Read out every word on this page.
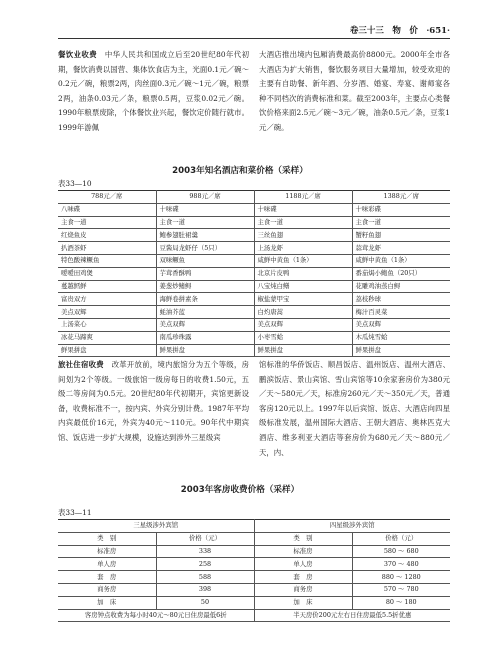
卷三十三　物　价　·651·

餐饮业收费　 中华人民共和国成立后至20世纪80年代初期，餐饮消费以国营、集体饮食店为主，光面0.1元／碗～0.2元／碗，粮票2两，肉丝面0.3元／碗～1元／碗，粮票2两，油条0.03元／条，粮票0.5两，豆浆0.02元／碗。1990年粮票废除，个体餐饮业兴起，餐饮定价随行就市。1999年游佩

大酒店推出境内包厢消费最高价8800元。2000年全市各大酒店为扩大销售，餐饮服务项目大量增加，较受欢迎的主要有自助餐、新年酒、分岁酒、婚宴、寿宴、谢师宴各种不同档次的消费标准和菜。截至2003年，主要点心类餐饮价格来面2.5元／碗～3元／碗，油条0.5元／条，豆浆1元／碗。

2003年知名酒店和菜价格（采样）
表33—10
788元／席	988元／席	1188元／席	1388元／席
八味碟	十味碟	十味碟	十味彩碟
主食一道	主食一道	主食一道	主食一道
红烧鱼皮	鲍参翅肚裙羹	三丝鱼翅	蟹籽鱼翅
扒酒茶虾	豆酱局龙虾仔（5只）	上汤龙虾	蒜茸龙虾
特色酸辣鳜鱼	双味鳜鱼	咸鲜中黄鱼（1条）	咸鲜中黄鱼（1条）
嗳嗳田鸡煲	芋茸香酥鸭	北京片皮鸭	番茄焗小鲍鱼（20只）
蔓越鳕鲜	姜葱炒鳍鲟	八宝炖白鳝	花雕鸡油蒸白鲟
富贵双方	海鲜卷拼素条	椒盐蒙甲宝	荔枝秒球
美点双辉	蚝油芥蓝	白灼唐蒿	梅汁百灵菜
上汤菜心	美点双辉	美点双辉	美点双辉
冰花马蹄爽	南瓜珍珠露	小枣雪蛤	木瓜炖雪蛤
鲜果拼盘	鲜果拼盘	鲜果拼盘	鲜果拼盘

旅社住宿收费　 改革开放前，境内旅馆分为五个等级，房间划为2个等级。一级旅馆一级房每日的收费1.50元，五级二等房间为0.5元。20世纪80年代初期开，宾馆更新设备，收费标准不一，按内宾、外宾分别计费。1987年平均内宾最低价16元，外宾为40元～110元。90年代中期宾馆、饭店进一步扩大规模，设施达到涉外三星级宾

馆标准的华侨饭店、顺昌饭店、温州饭店、温州大酒店、鹏滨饭店、景山宾馆、雪山宾馆等10余家套房价为380元／天～580元／天，标准房260元／天～350元／天，普通客房120元以上。1997年以后宾馆、饭店、大酒店向四星级标准发展，温州国际大酒店、王朝大酒店、奥林匹克大酒店、维多利亚大酒店等套房价为680元／天～880元／天，内、

2003年客房收费价格（采样）
表33—11
三星级涉外宾馆		四星级涉外宾馆	
类　别	价格（元）	类　别	价格（元）
标准房	338	标准房	580 ～ 680
单人房	258	单人房	370 ～ 480
套　房	588	套　房	880 ～ 1280
商务房	398	商务房	570 ～ 780
加　床	50	加　床	80 ～ 180
客房钟点收费为每小时40元～80元日住房最低6折		半天房价200元左右日住房最低5.5折优惠	
